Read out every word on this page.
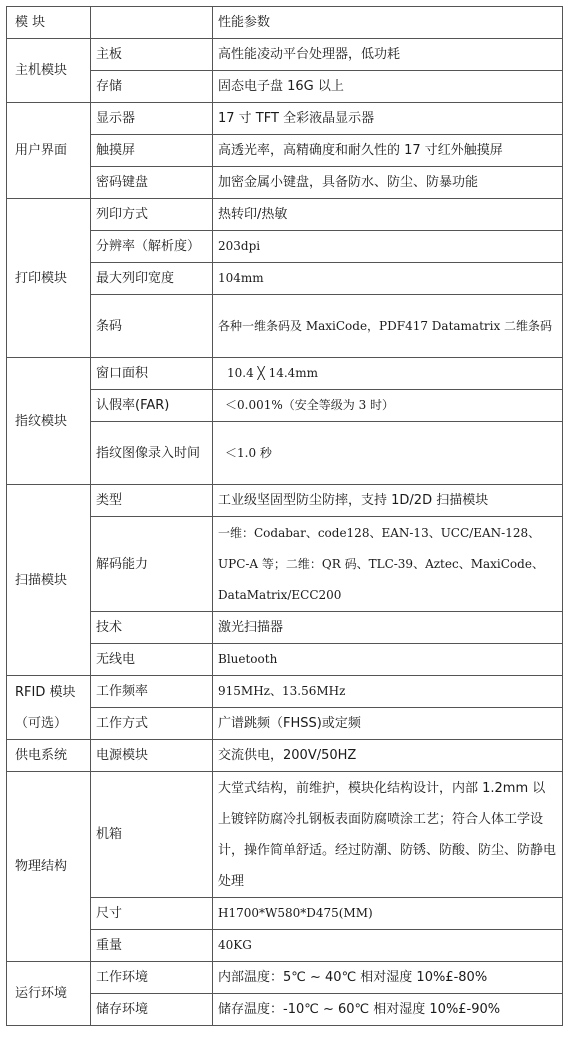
模 块		性能参数
主机模块	主板	高性能凌动平台处理器，低功耗
	存储	固态电子盘 16G 以上
用户界面	显示器	17 寸 TFT 全彩液晶显示器
	触摸屏	高透光率，高精确度和耐久性的 17 寸红外触摸屏
	密码键盘	加密金属小键盘，具备防水、防尘、防暴功能
打印模块	列印方式	热转印/热敏
	分辨率（解析度）	203dpi
	最大列印宽度	104mm
	条码	各种一维条码及 MaxiCode，PDF417 Datamatrix 二维条码
指纹模块	窗口面积	10.4 ╳ 14.4mm
	认假率(FAR)	＜0.001%（安全等级为 3 时）
	指纹图像录入时间	＜1.0 秒
扫描模块	类型	工业级坚固型防尘防摔，支持 1D/2D 扫描模块
	解码能力	一维：Codabar、code128、EAN-13、UCC/EAN-128、UPC-A 等；二维：QR 码、TLC-39、Aztec、MaxiCode、DataMatrix/ECC200
	技术	激光扫描器
	无线电	Bluetooth
RFID 模块（可选）	工作频率	915MHz、13.56MHz
	工作方式	广谱跳频（FHSS)或定频
供电系统	电源模块	交流供电，200V/50HZ
物理结构	机箱	大堂式结构，前维护，模块化结构设计，内部 1.2mm 以上镀锌防腐冷扎钢板表面防腐喷涂工艺；符合人体工学设计，操作简单舒适。经过防潮、防锈、防酸、防尘、防静电处理
	尺寸	H1700*W580*D475(MM)
	重量	40KG
运行环境	工作环境	内部温度：5℃ ~ 40℃ 相对湿度 10%£-80%
	储存环境	储存温度：-10℃ ~ 60℃ 相对湿度 10%£-90%
